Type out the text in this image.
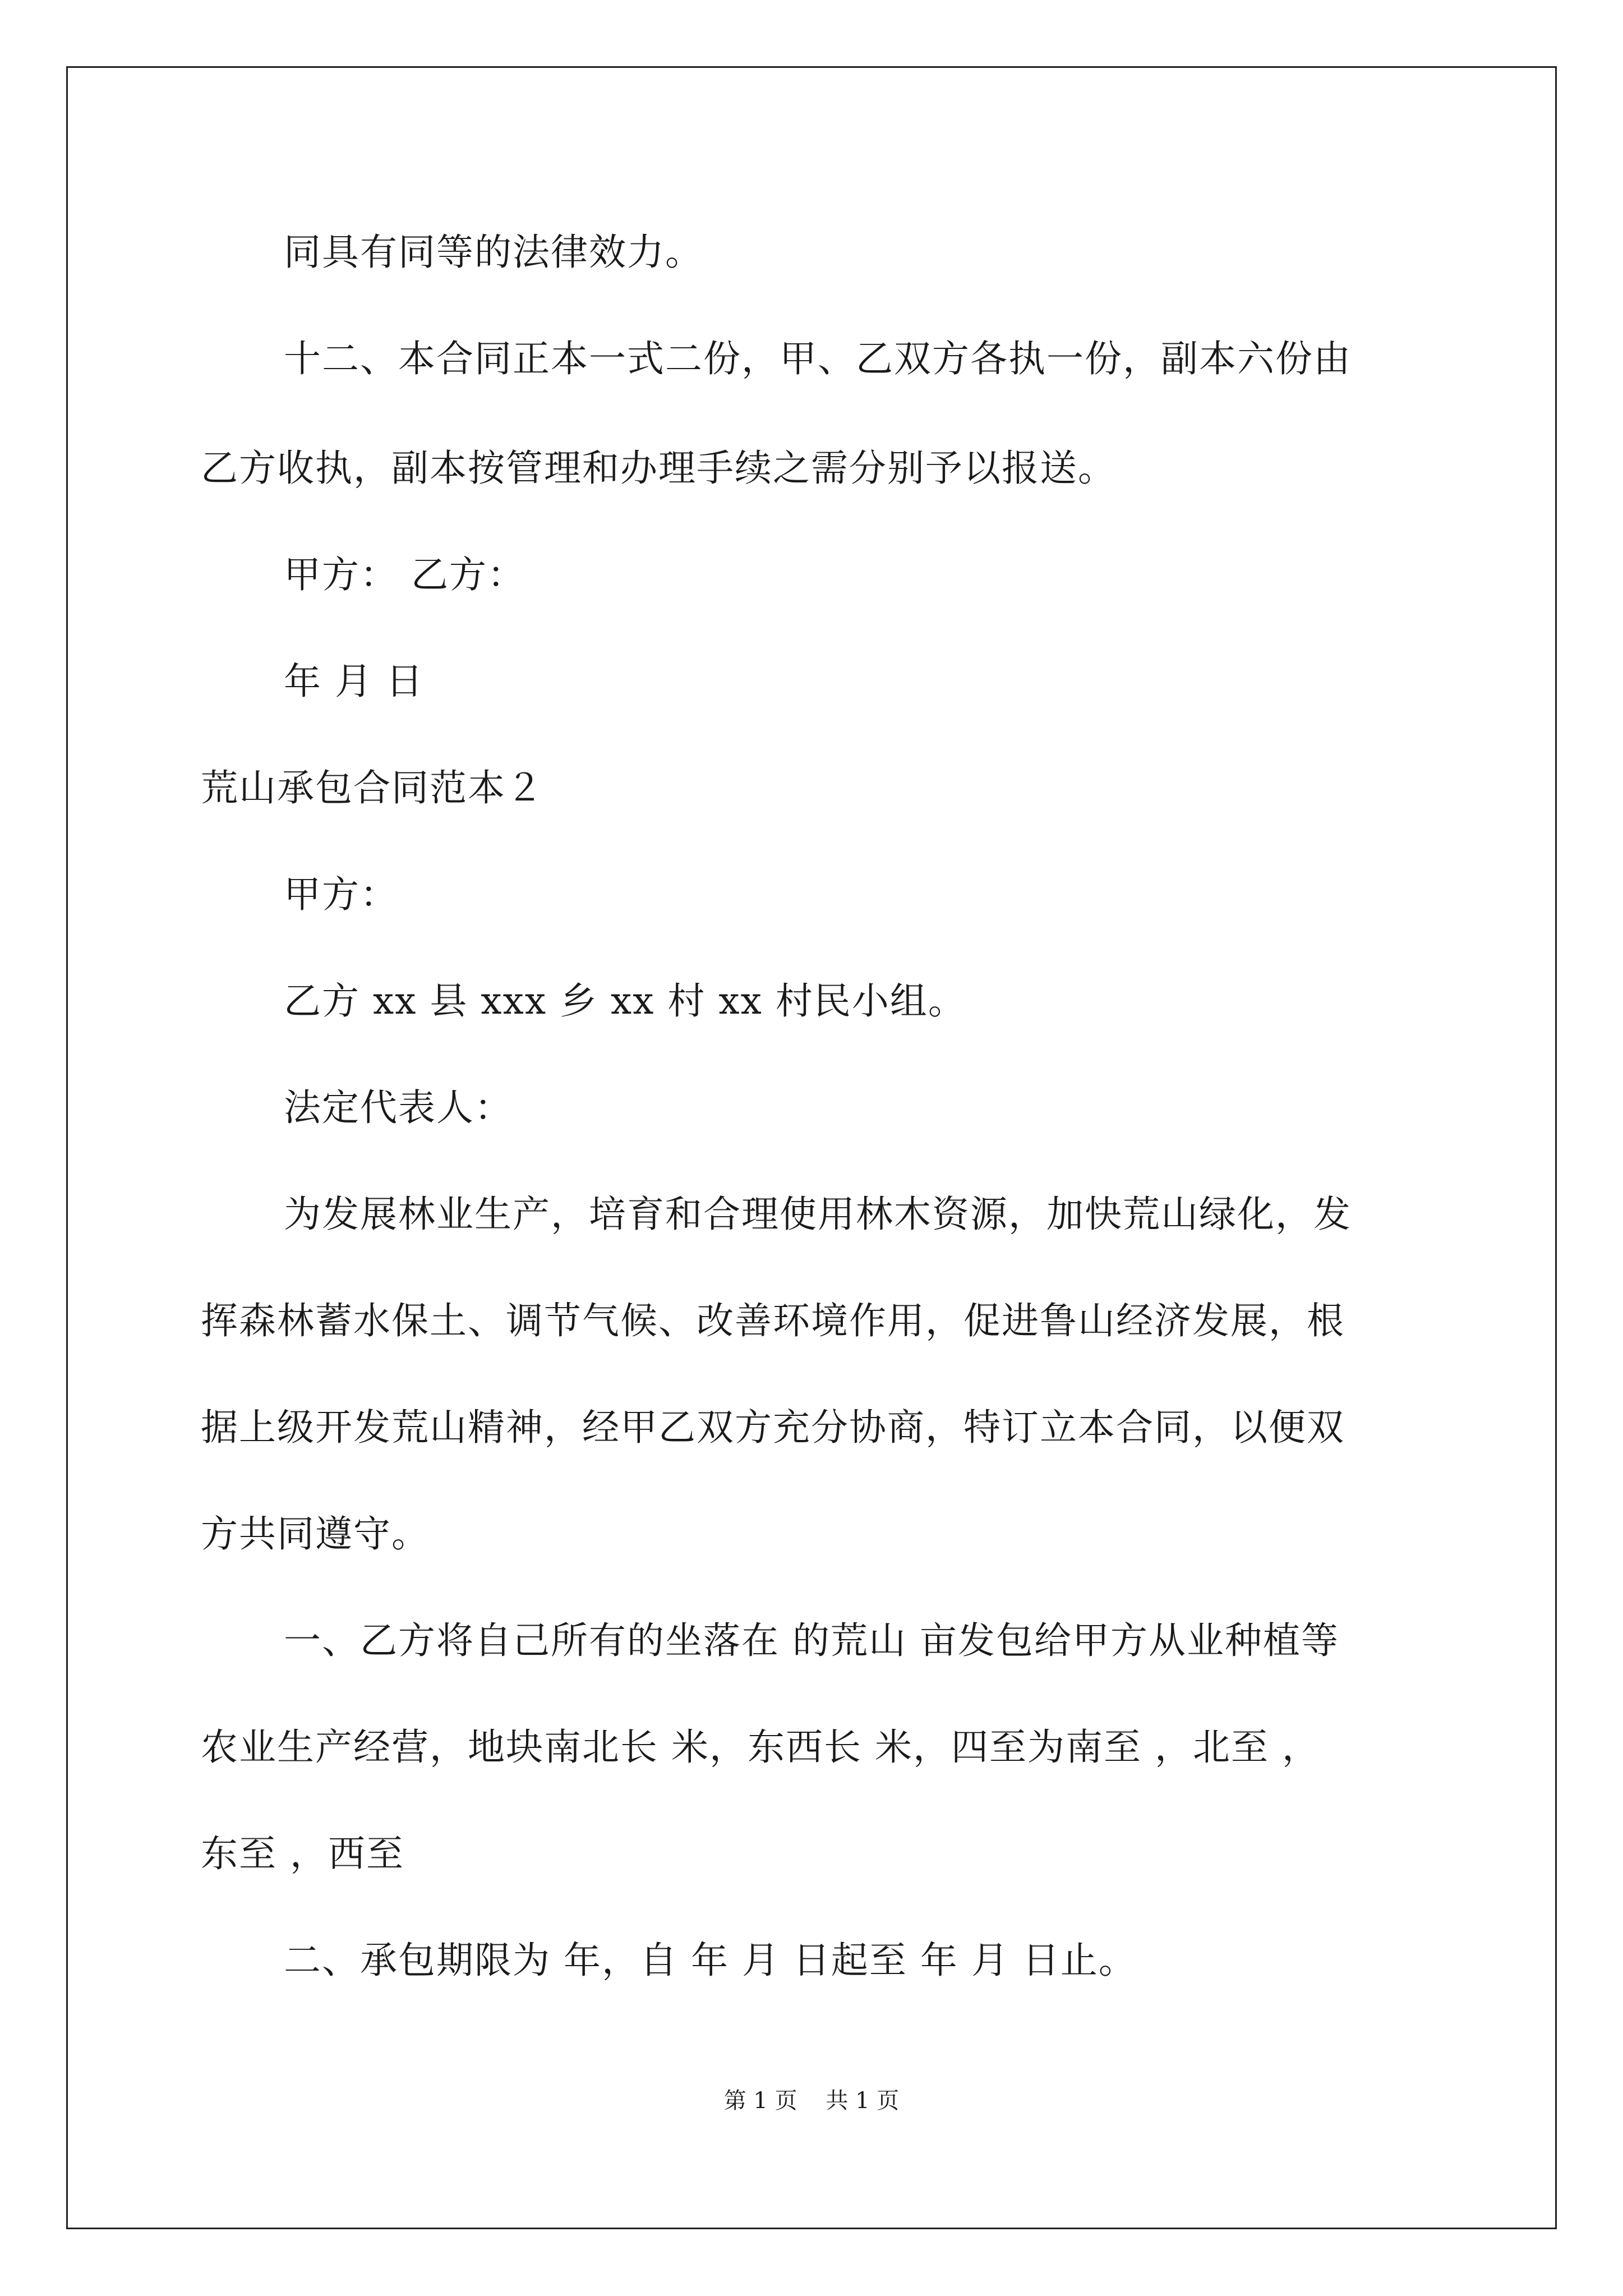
同具有同等的法律效力。
十二、本合同正本一式二份，甲、乙双方各执一份，副本六份由
乙方收执，副本按管理和办理手续之需分别予以报送。
甲方： 乙方：
年 月 日
荒山承包合同范本２
甲方：
乙方 xx 县 xxx 乡 xx 村 xx 村民小组。
法定代表人：
为发展林业生产，培育和合理使用林木资源，加快荒山绿化，发
挥森林蓄水保土、调节气候、改善环境作用，促进鲁山经济发展，根
据上级开发荒山精神，经甲乙双方充分协商，特订立本合同，以便双
方共同遵守。
一、乙方将自己所有的坐落在 的荒山 亩发包给甲方从业种植等
农业生产经营，地块南北长 米，东西长 米，四至为南至 ，北至 ，
东至 ，西至
二、承包期限为 年，自 年 月 日起至 年 月 日止。
第 1 页    共 1 页
